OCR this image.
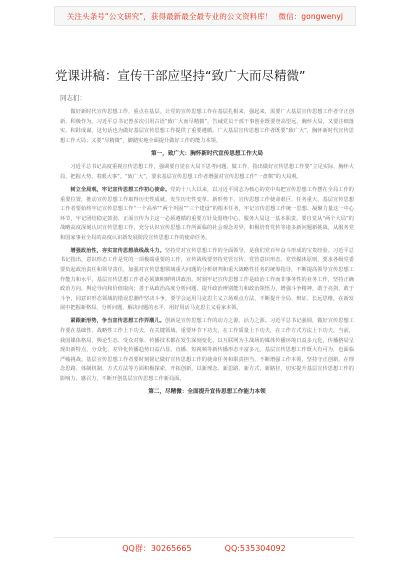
关注头条号“公文研究”，获得最新最全最专业的公文资料库！ 微信：gongwenyj
党课讲稿：宣传干部应坚持“致广大而尽精微”
同志们：

做好新时代宣传思想工作，重点在基层。让党的宣传思想工作在基层扎根来，强起来，需要广大基层宣传思想工作者守正创新、积极作为。习近平总书记曾多次引用古语“致广大而尽精微”，告诫党员干部干事创业既要登高望远、胸怀大局，又要注细落实、积跬成谋。这句话也为做好基层宣传思想工作提供了重要遵循。广大基层宣传思想工作者既要“致广大”，胸怀新时代宣传思想工作大局；又要“尽精微”，脚踏实地全面提升做好工作的能力本领。

第一，致广大：胸怀新时代宣传思想工作大局

习近平总书记高度重视宣传思想工作，强调要自觉在大局下思考问题、做工作，指出做好宣传思想工作要“立足实际、胸怀大局、把握大势、着眼大事”。“致广大”，要求基层宣传思想工作者增强对宣传思想工作“一盘棋”的大局观。

树立全局观，牢记宣传思想工作初心使命。党的十八大以来，以习近平同志为核心的党中央把宣传思想工作摆在全局工作的重要位置，推动宣传思想工作取得历史性成就、发生历史性变革。新形势下，宣传思想工作使命艰巨、任务重大，基层宣传思想工作者要始终牢记宣传思想工作“一个高举”“两个巩固”“三个建设”的根本任务，牢记宣传思想工作统一思想、凝聚力量这一中心环节，牢记团结稳定鼓劲、正面宣传为主这一必须遵循的重要方针及围绕中心、服务大局这一基本职责。要自觉从“两个大局”的战略高度深刻认识宣传思想工作，充分认识宣传思想工作所面临的社会观念差异，积极培育党传等诸多新问题新挑战，从服务党和国家事业全局的高度认识新发展阶段宣传思想工作的使命任务。

增强政治性，夯实宣传思想战线战斗力。坚持党对宣传思想工作的全面领导，是我们党百年奋斗形成的宝贵经验。习近平总书记指出，意识形态工作是党的一项极端重要的工作，宣传战线要坚持党管宣传、党管意识形态、党管媒体原则，要求各级党委要负起政治责任和领导责任，加强对宣传思想领域重大问题的分析研判和重大战略性任务的统筹指导，不断提高领导宣传思想工作能力和水平。基层宣传思想工作者必须旗帜鲜明讲政治，时刻牢记宣传思想工作是政治工作而非事务性的业务工作，坚持正确政治方向，舆论导向和价值取向；善于从政治高度分析问题，提升政治辨别能力和政治领悟力，增强斗争精神，敢于亮剑、敢于斗争，同意识形态领域的错误思潮作坚决斗争，要学会运用马克思主义立场观点方法，不断提升全局、辩证、长远思维，在新发展中把握新格局。分析问题、解决问题的水平，用好用活马克思主义看家本领。

紧跟新形势，争当宣传思想工作弄潮儿。创新是宣传思想工作的动力之源、活力之源。习近平总书记强调，做好宣传思想工作要在基础性、战略性工作上下功夫，在关键领域、重要环节下功夫，在工作质量上下功夫，在工作方式方法上下功夫。当前，我国媒体格局、舆论生态、受众对象、传播技术都在发生深刻变化，以互联网为主战场的媒体传播环境日益多元化，传播格局呈现出新特点，分众化、差异化传播趋势日益凸显，直播、短视频等新传播形态丰富多元。基层宣传思想工作既大有可为，也面临严峻挑战。基层宣传思想工作者要时刻铭记做好宣传思想工作的使命任务和职责担当，不断增强工作本领，坚持守正创新，在理念思路、体制机制、方式方法等方面积极探索，开拓创新，以新理念、新思路、新方式、新路径，切实提升基层宣传思想工作的影响力、感召力，不断开创基层宣传思想工作新局面。

第二，尽精微：全面提升宣传思想工作能力本领

QQ群：30265665	QQ:535304092
